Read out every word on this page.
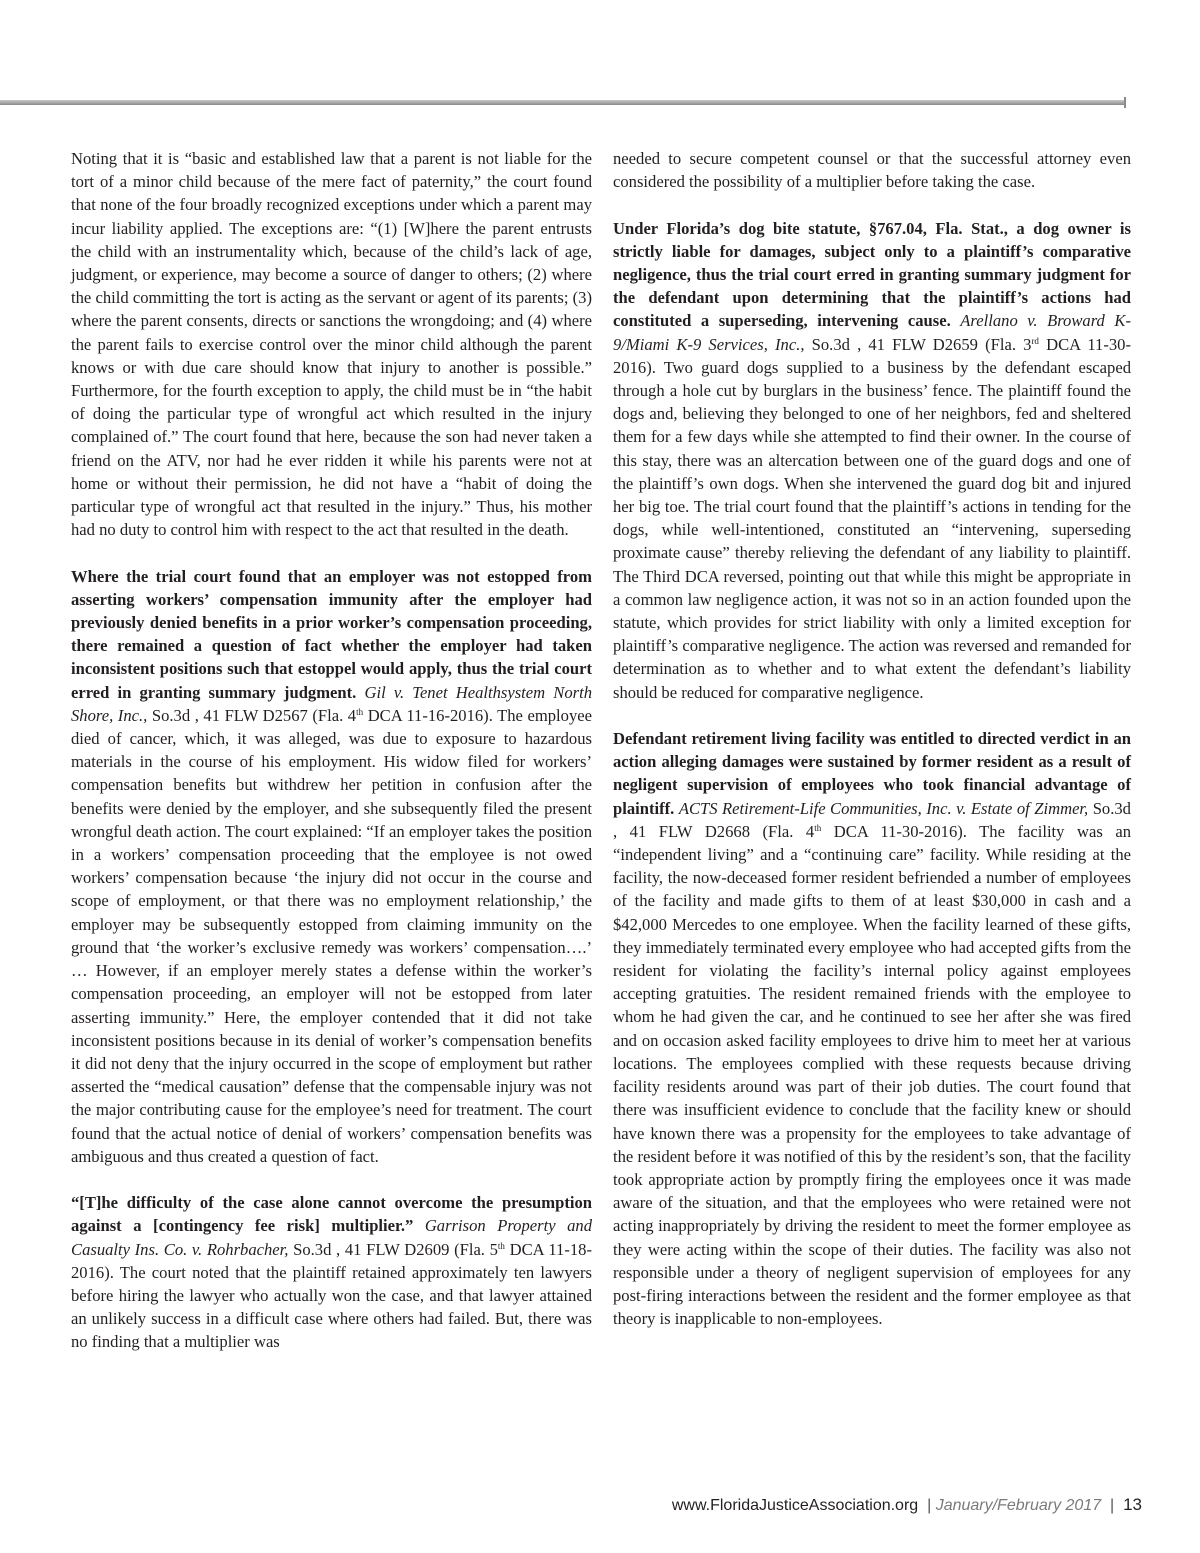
Noting that it is “basic and established law that a parent is not liable for the tort of a minor child because of the mere fact of paternity,” the court found that none of the four broadly recognized exceptions under which a parent may incur liability applied. The exceptions are: “(1) [W]here the parent entrusts the child with an instrumentality which, because of the child’s lack of age, judgment, or experience, may become a source of danger to others; (2) where the child committing the tort is acting as the servant or agent of its parents; (3) where the parent consents, directs or sanctions the wrongdoing; and (4) where the parent fails to exercise control over the minor child although the parent knows or with due care should know that injury to another is possible.” Furthermore, for the fourth exception to apply, the child must be in “the habit of doing the particular type of wrongful act which resulted in the injury complained of.” The court found that here, because the son had never taken a friend on the ATV, nor had he ever ridden it while his parents were not at home or without their permission, he did not have a “habit of doing the particular type of wrongful act that resulted in the injury.” Thus, his mother had no duty to control him with respect to the act that resulted in the death.

Where the trial court found that an employer was not estopped from asserting workers’ compensation immunity after the employer had previously denied benefits in a prior worker’s compensation proceeding, there remained a question of fact whether the employer had taken inconsistent positions such that estoppel would apply, thus the trial court erred in granting summary judgment. Gil v. Tenet Healthsystem North Shore, Inc., So.3d , 41 FLW D2567 (Fla. 4th DCA 11-16-2016). The employee died of cancer, which, it was alleged, was due to exposure to hazardous materials in the course of his employment. His widow filed for workers’ compensation benefits but withdrew her petition in confusion after the benefits were denied by the employer, and she subsequently filed the present wrongful death action. The court explained: “If an employer takes the position in a workers’ compensation proceeding that the employee is not owed workers’ compensation because ‘the injury did not occur in the course and scope of employment, or that there was no employment relationship,’ the employer may be subsequently estopped from claiming immunity on the ground that ‘the worker’s exclusive remedy was workers’ compensation….’ … However, if an employer merely states a defense within the worker’s compensation proceeding, an employer will not be estopped from later asserting immunity.” Here, the employer contended that it did not take inconsistent positions because in its denial of worker’s compensation benefits it did not deny that the injury occurred in the scope of employment but rather asserted the “medical causation” defense that the compensable injury was not the major contributing cause for the employee’s need for treatment. The court found that the actual notice of denial of workers’ compensation benefits was ambiguous and thus created a question of fact.

“[T]he difficulty of the case alone cannot overcome the presumption against a [contingency fee risk] multiplier.” Garrison Property and Casualty Ins. Co. v. Rohrbacher, So.3d , 41 FLW D2609 (Fla. 5th DCA 11-18-2016). The court noted that the plaintiff retained approximately ten lawyers before hiring the lawyer who actually won the case, and that lawyer attained an unlikely success in a difficult case where others had failed. But, there was no finding that a multiplier was

needed to secure competent counsel or that the successful attorney even considered the possibility of a multiplier before taking the case.

Under Florida’s dog bite statute, §767.04, Fla. Stat., a dog owner is strictly liable for damages, subject only to a plaintiff’s comparative negligence, thus the trial court erred in granting summary judgment for the defendant upon determining that the plaintiff’s actions had constituted a superseding, intervening cause. Arellano v. Broward K-9/Miami K-9 Services, Inc., So.3d , 41 FLW D2659 (Fla. 3rd DCA 11-30-2016). Two guard dogs supplied to a business by the defendant escaped through a hole cut by burglars in the business’ fence. The plaintiff found the dogs and, believing they belonged to one of her neighbors, fed and sheltered them for a few days while she attempted to find their owner. In the course of this stay, there was an altercation between one of the guard dogs and one of the plaintiff’s own dogs. When she intervened the guard dog bit and injured her big toe. The trial court found that the plaintiff’s actions in tending for the dogs, while well-intentioned, constituted an “intervening, superseding proximate cause” thereby relieving the defendant of any liability to plaintiff. The Third DCA reversed, pointing out that while this might be appropriate in a common law negligence action, it was not so in an action founded upon the statute, which provides for strict liability with only a limited exception for plaintiff’s comparative negligence. The action was reversed and remanded for determination as to whether and to what extent the defendant’s liability should be reduced for comparative negligence.

Defendant retirement living facility was entitled to directed verdict in an action alleging damages were sustained by former resident as a result of negligent supervision of employees who took financial advantage of plaintiff. ACTS Retirement-Life Communities, Inc. v. Estate of Zimmer, So.3d , 41 FLW D2668 (Fla. 4th DCA 11-30-2016). The facility was an “independent living” and a “continuing care” facility. While residing at the facility, the now-deceased former resident befriended a number of employees of the facility and made gifts to them of at least $30,000 in cash and a $42,000 Mercedes to one employee. When the facility learned of these gifts, they immediately terminated every employee who had accepted gifts from the resident for violating the facility’s internal policy against employees accepting gratuities. The resident remained friends with the employee to whom he had given the car, and he continued to see her after she was fired and on occasion asked facility employees to drive him to meet her at various locations. The employees complied with these requests because driving facility residents around was part of their job duties. The court found that there was insufficient evidence to conclude that the facility knew or should have known there was a propensity for the employees to take advantage of the resident before it was notified of this by the resident’s son, that the facility took appropriate action by promptly firing the employees once it was made aware of the situation, and that the employees who were retained were not acting inappropriately by driving the resident to meet the former employee as they were acting within the scope of their duties. The facility was also not responsible under a theory of negligent supervision of employees for any post-firing interactions between the resident and the former employee as that theory is inapplicable to non-employees.

www.FloridaJusticeAssociation.org  | January/February 2017  |  13
